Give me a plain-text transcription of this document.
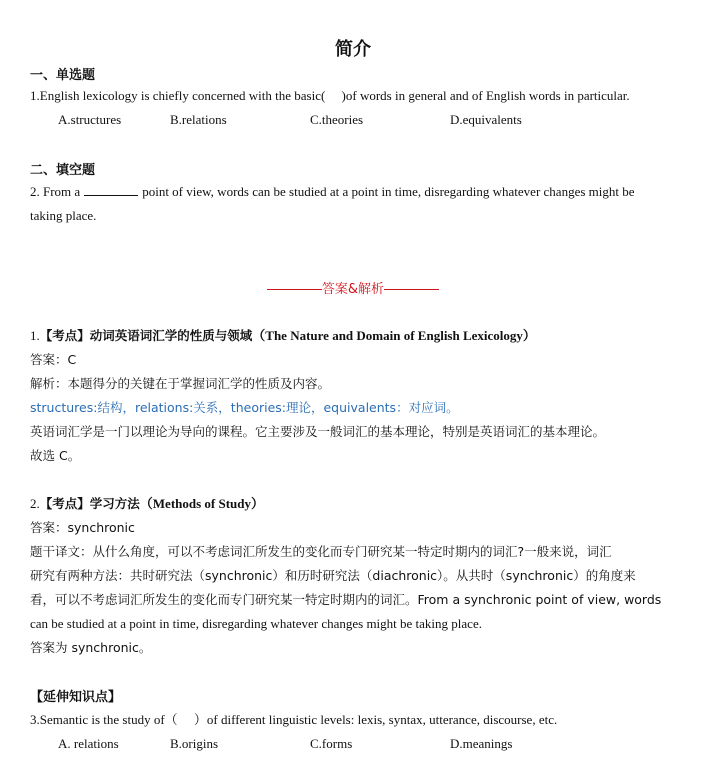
简介
一、单选题
1.English lexicology is chiefly concerned with the basic(　 )of words in general and of English words in particular.
A.structures	B.relations	C.theories	D.equivalents
二、填空题
2. From a	point of view, words can be studied at a point in time, disregarding whatever changes might be
taking place.
答案&解析
1.【考点】动词英语词汇学的性质与领域（The Nature and Domain of English Lexicology）
答案：C
解析：本题得分的关键在于掌握词汇学的性质及内容。
structures:结构，relations:关系，theories:理论，equivalents：对应词。
英语词汇学是一门以理论为导向的课程。它主要涉及一般词汇的基本理论，特别是英语词汇的基本理论。
故选 C。
2.【考点】学习方法（Methods of Study）
答案：synchronic
题干译文：从什么角度，可以不考虑词汇所发生的变化而专门研究某一特定时期内的词汇?一般来说，词汇
研究有两种方法：共时研究法（synchronic）和历时研究法（diachronic）。从共时（synchronic）的角度来
看，可以不考虑词汇所发生的变化而专门研究某一特定时期内的词汇。From a synchronic point of view, words
can be studied at a point in time, disregarding whatever changes might be taking place.
答案为 synchronic。
【延伸知识点】
3.Semantic is the study of（　 ）of different linguistic levels: lexis, syntax, utterance, discourse, etc.
A. relations	B.origins	C.forms	D.meanings
